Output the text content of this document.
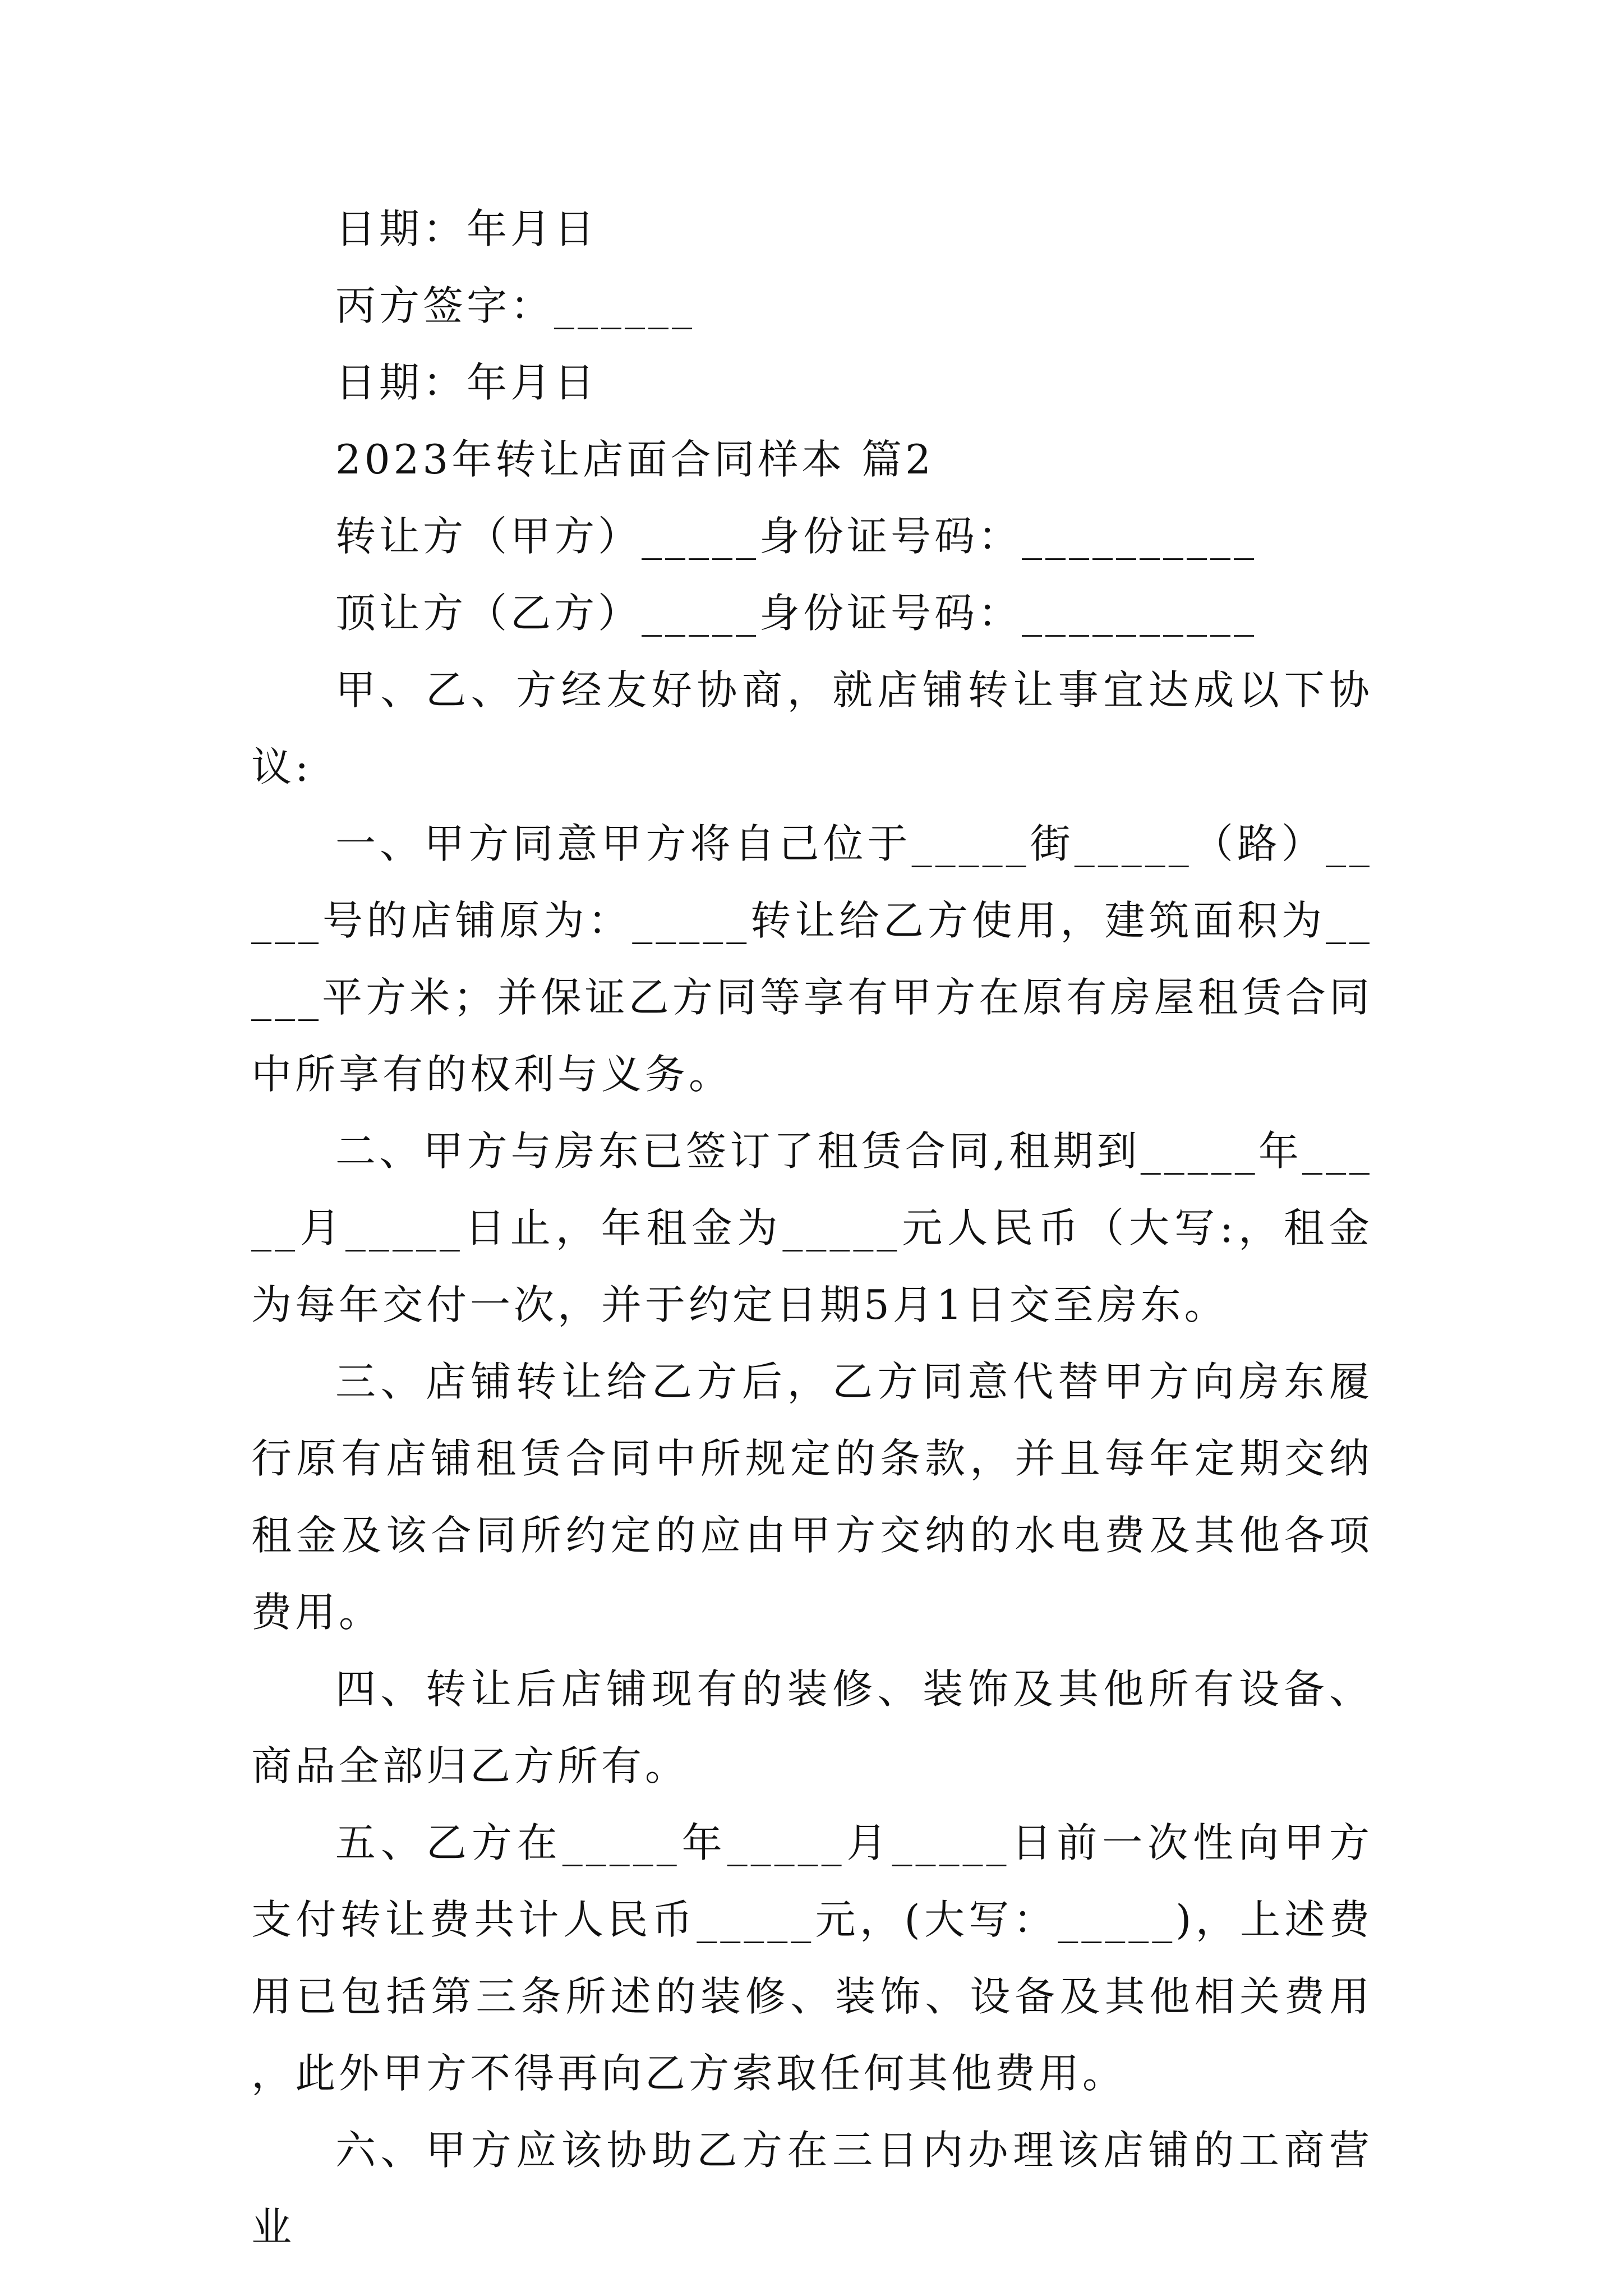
日期：年月日
丙方签字：______
日期：年月日
2023年转让店面合同样本 篇2
转让方（甲方）_____身份证号码：__________
顶让方（乙方）_____身份证号码：__________

甲、乙、方经友好协商，就店铺转让事宜达成以下协议:

一、甲方同意甲方将自己位于_____街_____（路）_____号的店铺原为：_____转让给乙方使用，建筑面积为_____平方米；并保证乙方同等享有甲方在原有房屋租赁合同中所享有的权利与义务。

二、甲方与房东已签订了租赁合同,租期到_____年_____月_____日止，年租金为_____元人民币（大写:，租金为每年交付一次，并于约定日期5月1日交至房东。

三、店铺转让给乙方后，乙方同意代替甲方向房东履行原有店铺租赁合同中所规定的条款，并且每年定期交纳租金及该合同所约定的应由甲方交纳的水电费及其他各项费用。

四、转让后店铺现有的装修、装饰及其他所有设备、商品全部归乙方所有。

五、乙方在_____年_____月_____日前一次性向甲方支付转让费共计人民币_____元，(大写：_____)，上述费用已包括第三条所述的装修、装饰、设备及其他相关费用，此外甲方不得再向乙方索取任何其他费用。

六、甲方应该协助乙方在三日内办理该店铺的工商营业
